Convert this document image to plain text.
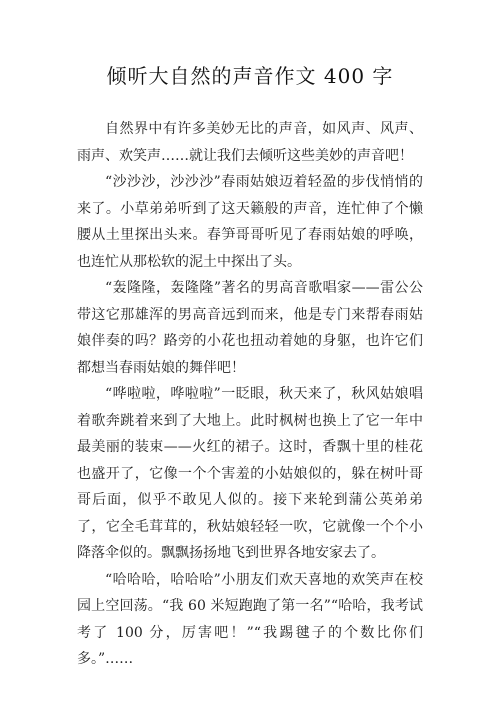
倾听大自然的声音作文 400 字

自然界中有许多美妙无比的声音，如风声、风声、雨声、欢笑声……就让我们去倾听这些美妙的声音吧！

“沙沙沙，沙沙沙”春雨姑娘迈着轻盈的步伐悄悄的来了。小草弟弟听到了这天籁般的声音，连忙伸了个懒腰从土里探出头来。春笋哥哥听见了春雨姑娘的呼唤，也连忙从那松软的泥土中探出了头。

“轰隆隆，轰隆隆”著名的男高音歌唱家——雷公公带这它那雄浑的男高音远到而来，他是专门来帮春雨姑娘伴奏的吗？路旁的小花也扭动着她的身躯，也许它们都想当春雨姑娘的舞伴吧！

“哗啦啦，哗啦啦”一眨眼，秋天来了，秋风姑娘唱着歌奔跳着来到了大地上。此时枫树也换上了它一年中最美丽的装束——火红的裙子。这时，香飘十里的桂花也盛开了，它像一个个害羞的小姑娘似的，躲在树叶哥哥后面，似乎不敢见人似的。接下来轮到蒲公英弟弟了，它全毛茸茸的，秋姑娘轻轻一吹，它就像一个个小降落伞似的。飘飘扬扬地飞到世界各地安家去了。

“哈哈哈，哈哈哈”小朋友们欢天喜地的欢笑声在校园上空回荡。“我 60 米短跑跑了第一名”“哈哈，我考试考了 100 分，厉害吧！”“我踢毽子的个数比你们多。”……
